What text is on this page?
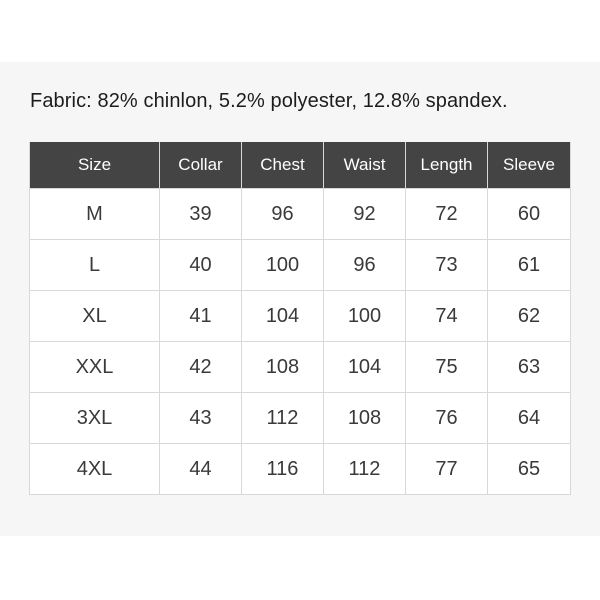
Fabric: 82% chinlon, 5.2% polyester, 12.8% spandex.
Size	Collar	Chest	Waist	Length	Sleeve
M	39	96	92	72	60
L	40	100	96	73	61
XL	41	104	100	74	62
XXL	42	108	104	75	63
3XL	43	112	108	76	64
4XL	44	116	112	77	65
